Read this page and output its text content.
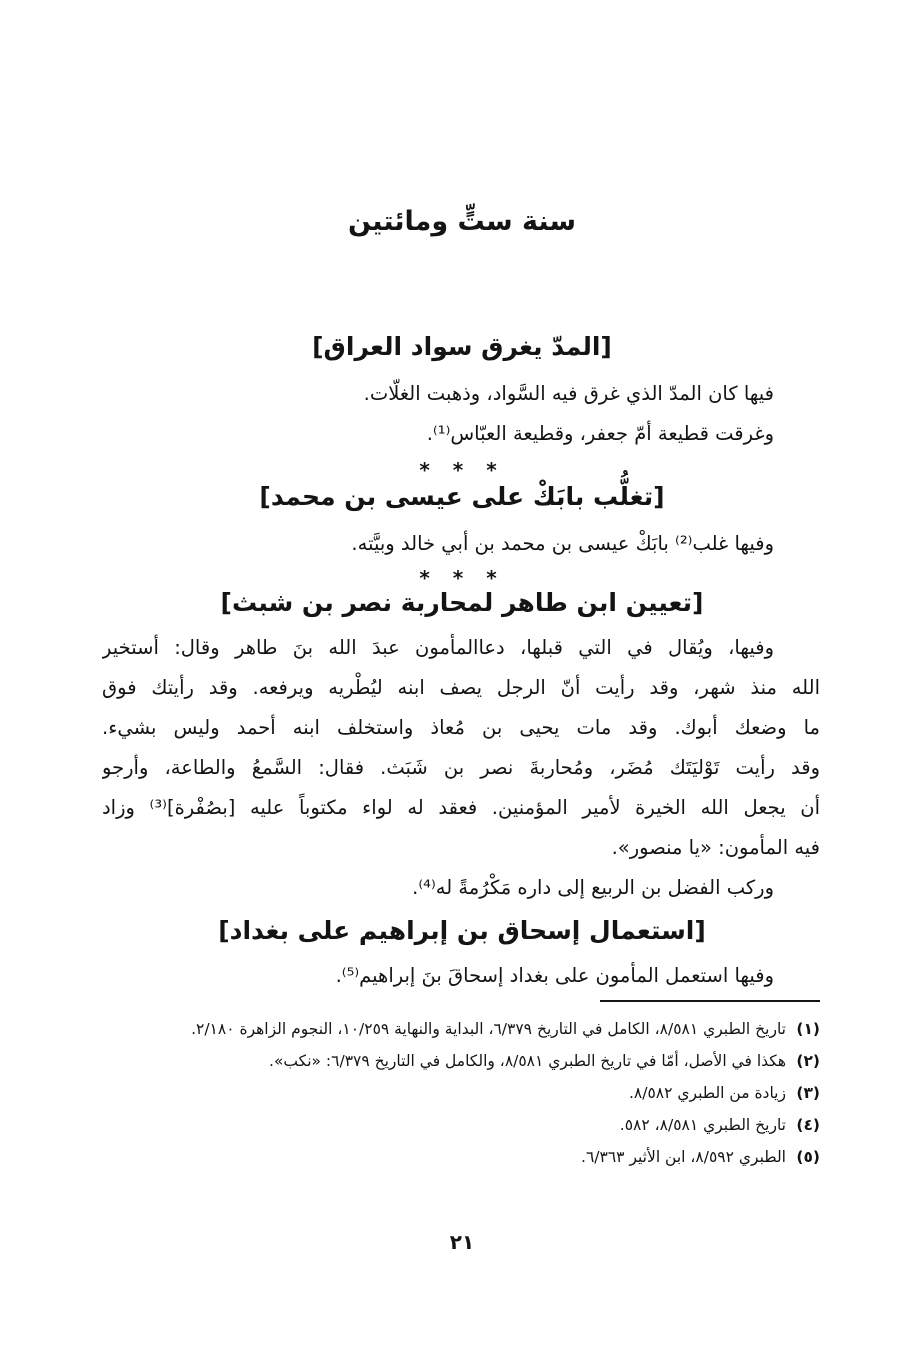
سنة ستٍّ ومائتين
[المدّ يغرق سواد العراق]
فيها كان المدّ الذي غرق فيه السَّواد، وذهبت الغلّات.
وغرقت قطيعة أمّ جعفر، وقطيعة العبّاس⁽¹⁾.
* * *
[تغلُّب بابَكْ على عيسى بن محمد]
وفيها غلب⁽²⁾ بابَكْ عيسى بن محمد بن أبي خالد وبيَّته.
* * *
[تعيين ابن طاهر لمحاربة نصر بن شبث]
وفيها، ويُقال في التي قبلها، دعاالمأمون عبدَ الله بنَ طاهر وقال: أستخير
الله منذ شهر، وقد رأيت أنّ الرجل يصف ابنه ليُطْريه ويرفعه. وقد رأيتك فوق
ما وضعك أبوك. وقد مات يحيى بن مُعاذ واستخلف ابنه أحمد وليس بشيء.
وقد رأيت تَوْليَتَك مُضَر، ومُحاربةَ نصر بن شَبَث. فقال: السَّمعُ والطاعة، وأرجو
أن يجعل الله الخيرة لأمير المؤمنين. فعقد له لواء مكتوباً عليه [بصُفْرة]⁽³⁾ وزاد
فيه المأمون: «يا منصور».
وركب الفضل بن الربيع إلى داره مَكْرُمةً له⁽⁴⁾.
[استعمال إسحاق بن إبراهيم على بغداد]
وفيها استعمل المأمون على بغداد إسحاقَ بنَ إبراهيم⁽⁵⁾.
(١)
تاريخ الطبري ٨/٥٨١، الكامل في التاريخ ٦/٣٧٩، البداية والنهاية ١٠/٢٥٩، النجوم الزاهرة ٢/١٨٠.
(٢)
هكذا في الأصل، أمّا في تاريخ الطبري ٨/٥٨١، والكامل في التاريخ ٦/٣٧٩: «نكب».
(٣)
زيادة من الطبري ٨/٥٨٢.
(٤)
تاريخ الطبري ٨/٥٨١، ٥٨٢.
(٥)
الطبري ٨/٥٩٢، ابن الأثير ٦/٣٦٣.
٢١
